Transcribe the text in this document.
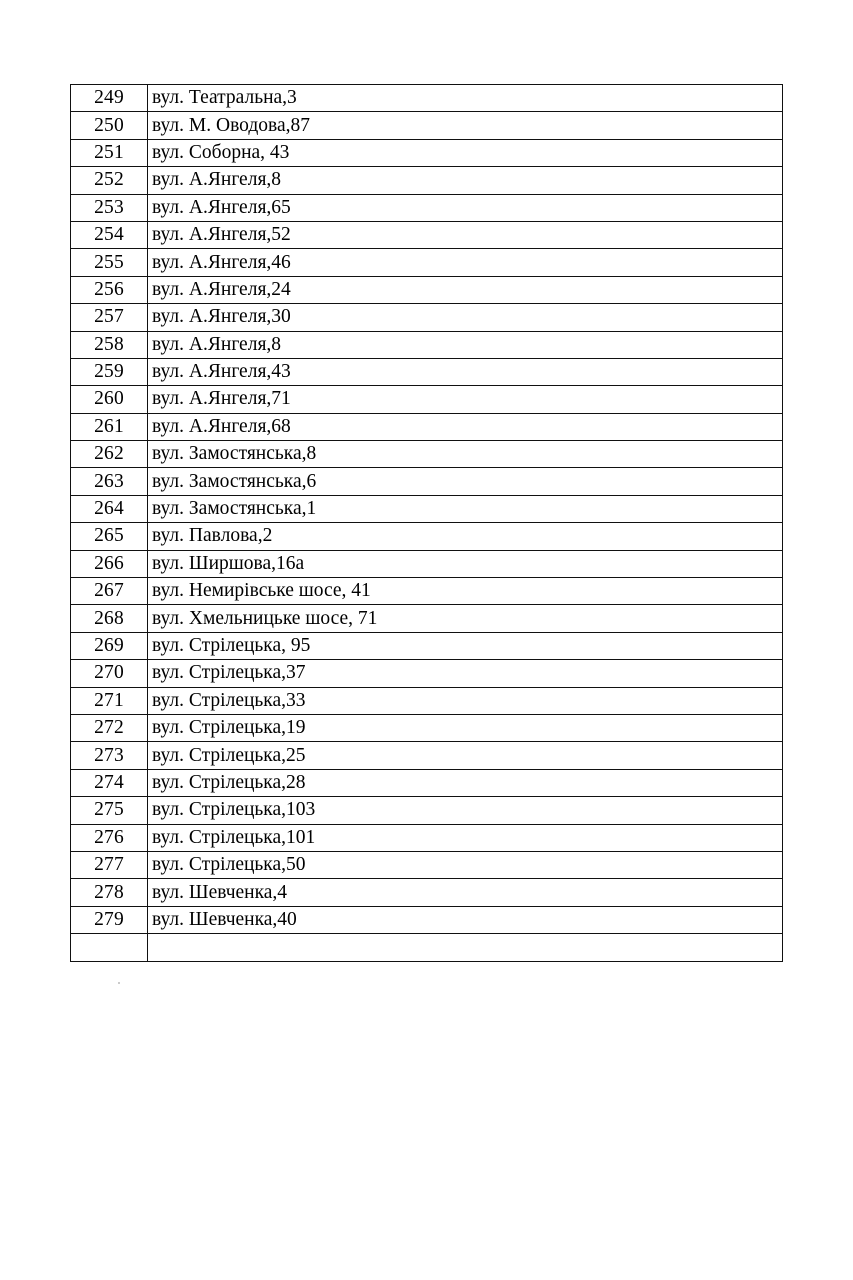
249	вул. Театральна,3
250	вул. М. Оводова,87
251	вул. Соборна, 43
252	вул. А.Янгеля,8
253	вул. А.Янгеля,65
254	вул. А.Янгеля,52
255	вул. А.Янгеля,46
256	вул. А.Янгеля,24
257	вул. А.Янгеля,30
258	вул. А.Янгеля,8
259	вул. А.Янгеля,43
260	вул. А.Янгеля,71
261	вул. А.Янгеля,68
262	вул. Замостянська,8
263	вул. Замостянська,6
264	вул. Замостянська,1
265	вул. Павлова,2
266	вул. Ширшова,16а
267	вул. Немирівське шосе, 41
268	вул. Хмельницьке шосе, 71
269	вул. Стрілецька, 95
270	вул. Стрілецька,37
271	вул. Стрілецька,33
272	вул. Стрілецька,19
273	вул. Стрілецька,25
274	вул. Стрілецька,28
275	вул. Стрілецька,103
276	вул. Стрілецька,101
277	вул. Стрілецька,50
278	вул. Шевченка,4
279	вул. Шевченка,40
